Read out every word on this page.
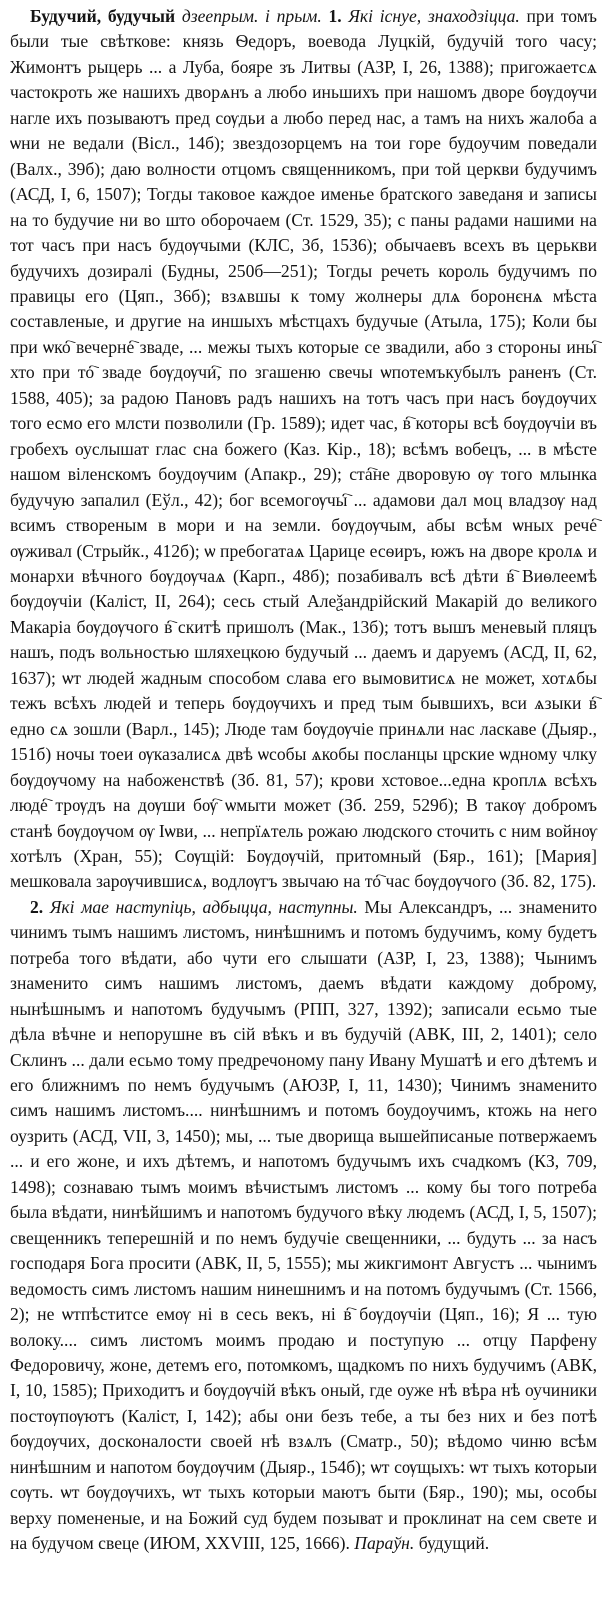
Будучий, будучый дзеепрым. і прым. 1. Які існуе, знаходзіцца. при томъ были тые свѣткове: князь Ѳедоръ, воевода Луцкій, будучій того часу; Жимонтъ рыцерь ... а Луба, бояре зъ Литвы (АЗР, I, 26, 1388); пригожаетсѧ частокроть же нашихъ дворѧнъ а любо иньшихъ при нашомъ дворе бѹдѹчи нагле ихъ позываютъ пред сѹдьи а любо перед нас, а тамъ на нихъ жалоба а ѡни не ведали (Віcл., 14б); звездозорцемъ на тои горе будоучим поведали (Валх., 39б); даю волности отцомъ священникомъ, при той церкви будучимъ (АСД, I, 6, 1507); Тогды таковое каждое именье братского заведаня и записы на то будучие ни во што оборочаем (Ст. 1529, 35); с паны радами нашими на тот часъ при насъ будѹчыми (КЛС, 3б, 1536); обычаевъ всехъ въ церькви будучихъ дозиралі (Будны, 250б—251); Тогды речеть король будучимъ по правицы его (Цяп., 36б); взѧвшы к тому жолнеры длѧ боронєнѧ мѣста составленые, и другие на иншыхъ мѣстцахъ будучые (Атыла, 175); Коли бы при ѡко҇ вечерне҇ зваде, ... межы тыхъ которые се звадили, або з стороны ины҇ хто при то҇ зваде бѹдѹчи҇, по згашеню свечы ѡпотемъкубылъ раненъ (Ст. 1588, 405); за радою Пановъ радъ нашихъ на тотъ часъ при насъ бѹдѹчих того есмо его млсти позволили (Гр. 1589); идет час, в҇ которы всѣ бѹдѹчіи въ гробехъ оуслышат глас сна божего (Каз. Кір., 18); всѣмъ вобецъ, ... в мѣсте нашом віленскомъ боудѹчим (Апакр., 29); ста҇не дворовую ѹ того млынка будучую запалил (Еўл., 42); бог всемогѹчы҇ ... адамови дал моц владзѹ над всимъ створеным в мори и на земли. бѹдѹчым, абы всѣм ѡных рече҇ ѹживал (Стрыйк., 412б); ѡ пребогатаѧ Царице есѳиръ, южъ на дворе кролѧ и монархи вѣчного бѹдѹчаѧ (Карп., 48б); позабивалъ всѣ дѣти в҇ Виѳлеемѣ бѹдѹчіи (Каліст, II, 264); сесь стый Алеѯандрійский Макарій до великого Макаріа бѹдѹчого в҇ скитѣ пришолъ (Мак., 13б); тотъ вышъ меневый пляцъ нашъ, подъ вольностью шляхецкою будучый ... даемъ и даруемъ (АСД, II, 62, 1637); ѡт людей жадным способом слава его вымовитисѧ не может, хотѧбы тежъ всѣхъ людей и теперь бѹдѹчихъ и пред тым бывшихъ, вси ѧзыки в҇ едно сѧ зошли (Варл., 145); Люде там бѹдѹчіе принѧли нас ласкаве (Дыяр., 151б) ночы тоеи ѹказалисѧ двѣ ѡсобы ѧкобы посланцы црские ѡдному члку бѹдѹчому на набоженствѣ (Зб. 81, 57); крови хстовое...една кроплѧ всѣхъ люде҇ трѹдъ на дѹши бѹ҇ ѡмыти может (Зб. 259, 529б); В такѹ добромъ станѣ бѹдѹчом ѹ Іѡви, ... непрїѧтель рожаю людского сточить с ним войнѹ хотѣлъ (Хран, 55); Сѹщій: Бѹдѹчій, притомный (Бяр., 161); [Мария] мешковала зарѹчившисѧ, водлѹгъ звычаю на то҇ час бѹдѹчого (Зб. 82, 175).

2. Які мае наступіць, адбыцца, наступны. Мы Александръ, ... знаменито чинимъ тымъ нашимъ листомъ, нинѣшнимъ и потомъ будучимъ, кому будетъ потреба того вѣдати, або чути его слышати (АЗР, I, 23, 1388); Чынимъ знаменито симъ нашимъ листомъ, даемъ вѣдати каждому доброму, нынѣшнымъ и напотомъ будучымъ (РПП, 327, 1392); записали есьмо тые дѣла вѣчне и непорушне въ сій вѣкъ и въ будучій (АВК, III, 2, 1401); село Склинъ ... дали есьмо тому предречоному пану Ивану Мушатѣ и его дѣтемъ и его ближнимъ по немъ будучымъ (АЮЗР, I, 11, 1430); Чинимъ знаменито симъ нашимъ листомъ.... нинѣшнимъ и потомъ боудоучимъ, ктожь на него оузрить (АСД, VII, 3, 1450); мы, ... тые дворища вышейписаные потвержаемъ ... и его жоне, и ихъ дѣтемъ, и напотомъ будучымъ ихъ счадкомъ (КЗ, 709, 1498); сознаваю тымъ моимъ вѣчистымъ листомъ ... кому бы того потреба была вѣдати, нинѣйшимъ и напотомъ будучого вѣку людемъ (АСД, I, 5, 1507); свещенникъ теперешній и по немъ будучіе свещенники, ... будуть ... за насъ господаря Бога просити (АВК, II, 5, 1555); мы жикгимонт Августъ ... чынимъ ведомость симъ листомъ нашим нинешнимъ и на потомъ будучымъ (Ст. 1566, 2); не ѡтпѣститсе емѹ ні в сесь векъ, ні в҇ бѹдѹчіи (Цяп., 16); Я ... тую волоку.... симъ листомъ моимъ продаю и поступую ... отцу Парфену Федоровичу, жоне, детемъ его, потомкомъ, щадкомъ по нихъ будучимъ (АВК, I, 10, 1585); Приходитъ и бѹдѹчій вѣкъ оный, где оуже нѣ вѣра нѣ оучиники постѹпѹютъ (Каліст, I, 142); абы они безъ тебе, а ты без них и без потѣ бѹдѹчих, досконалости своей нѣ взѧлъ (Сматр., 50); вѣдомо чиню всѣм нинѣшним и напотом бѹдѹчим (Дыяр., 154б); ѡт сѹщыхъ: ѡт тыхъ которыи сѹть. ѡт бѹдѹчихъ, ѡт тыхъ которыи маютъ быти (Бяр., 190); мы, особы верху помененые, и на Божий суд будем позыват и проклинат на сем свете и на будучом свеце (ИЮМ, XXVIII, 125, 1666). Параўн. будущий.
